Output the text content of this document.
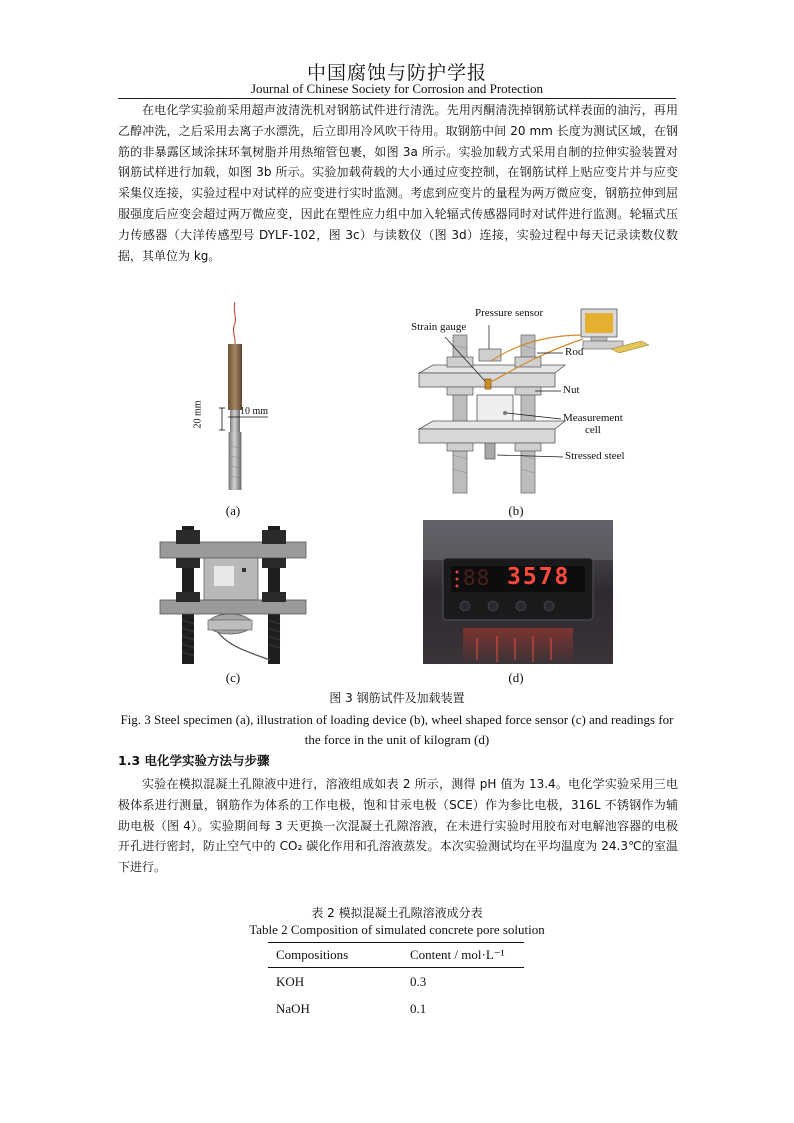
中国腐蚀与防护学报
Journal of Chinese Society for Corrosion and Protection

在电化学实验前采用超声波清洗机对钢筋试件进行清洗。先用丙酮清洗掉钢筋试样表面的油污，再用乙醇冲洗，之后采用去离子水漂洗，后立即用冷风吹干待用。取钢筋中间 20 mm 长度为测试区域，在钢筋的非暴露区域涂抹环氧树脂并用热缩管包裹，如图 3a 所示。实验加载方式采用自制的拉伸实验装置对钢筋试样进行加载，如图 3b 所示。实验加载荷载的大小通过应变控制，在钢筋试样上贴应变片并与应变采集仪连接，实验过程中对试样的应变进行实时监测。考虑到应变片的量程为两万微应变，钢筋拉伸到屈服强度后应变会超过两万微应变，因此在塑性应力组中加入轮辐式传感器同时对试件进行监测。轮辐式压力传感器（大洋传感型号 DYLF-102，图 3c）与读数仪（图 3d）连接，实验过程中每天记录读数仪数据，其单位为 kg。

20 mm	10 mm
(a)
Pressure sensor
Strain gauge
Rod
Nut
Measurement
cell
Stressed steel
(b)
(c)
88 3578
(d)
图 3 钢筋试件及加载装置
Fig. 3 Steel specimen (a), illustration of loading device (b), wheel shaped force sensor (c) and readings for the force in the unit of kilogram (d)
1.3 电化学实验方法与步骤

实验在模拟混凝土孔隙液中进行，溶液组成如表 2 所示，测得 pH 值为 13.4。电化学实验采用三电极体系进行测量，钢筋作为体系的工作电极，饱和甘汞电极（SCE）作为参比电极，316L 不锈钢作为辅助电极（图 4）。实验期间每 3 天更换一次混凝土孔隙溶液，在未进行实验时用胶布对电解池容器的电极开孔进行密封，防止空气中的 CO₂ 碳化作用和孔溶液蒸发。本次实验测试均在平均温度为 24.3℃的室温下进行。

表 2 模拟混凝土孔隙溶液成分表
Table 2 Composition of simulated concrete pore solution
Compositions	Content / mol·L⁻¹
KOH	0.3
NaOH	0.1
